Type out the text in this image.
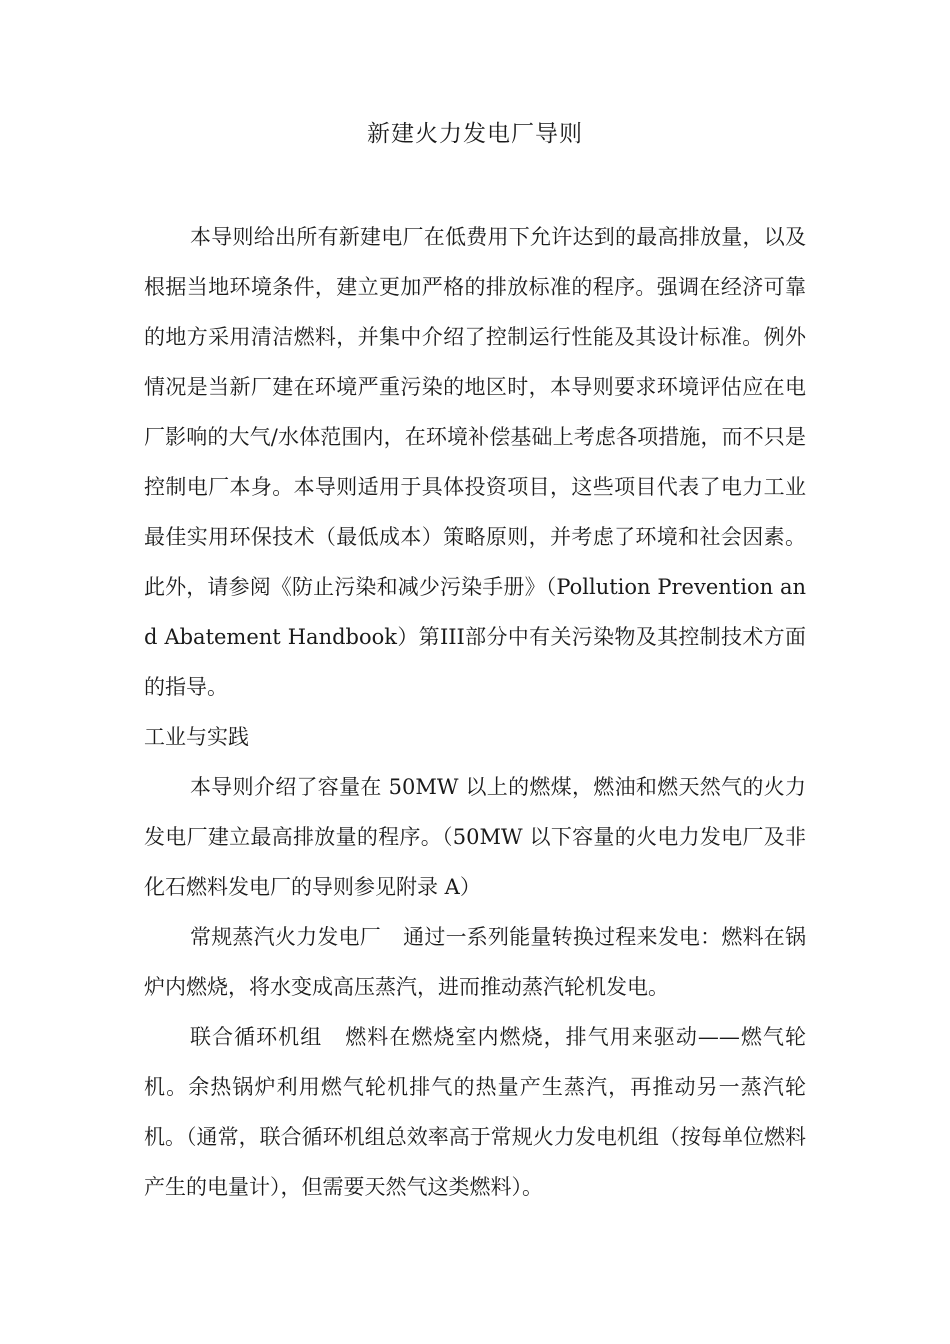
新建火力发电厂导则

本导则给出所有新建电厂在低费用下允许达到的最高排放量，以及根据当地环境条件，建立更加严格的排放标准的程序。强调在经济可靠的地方采用清洁燃料，并集中介绍了控制运行性能及其设计标准。例外情况是当新厂建在环境严重污染的地区时，本导则要求环境评估应在电厂影响的大气/水体范围内，在环境补偿基础上考虑各项措施，而不只是控制电厂本身。本导则适用于具体投资项目，这些项目代表了电力工业最佳实用环保技术（最低成本）策略原则，并考虑了环境和社会因素。此外，请参阅《防止污染和减少污染手册》（Pollution Prevention and Abatement Handbook）第III部分中有关污染物及其控制技术方面的指导。

工业与实践

本导则介绍了容量在 50MW 以上的燃煤，燃油和燃天然气的火力发电厂建立最高排放量的程序。（50MW 以下容量的火电力发电厂及非化石燃料发电厂的导则参见附录 A）

常规蒸汽火力发电厂 通过一系列能量转换过程来发电：燃料在锅炉内燃烧，将水变成高压蒸汽，进而推动蒸汽轮机发电。

联合循环机组 燃料在燃烧室内燃烧，排气用来驱动——燃气轮机。余热锅炉利用燃气轮机排气的热量产生蒸汽，再推动另一蒸汽轮机。（通常，联合循环机组总效率高于常规火力发电机组（按每单位燃料产生的电量计），但需要天然气这类燃料）。
